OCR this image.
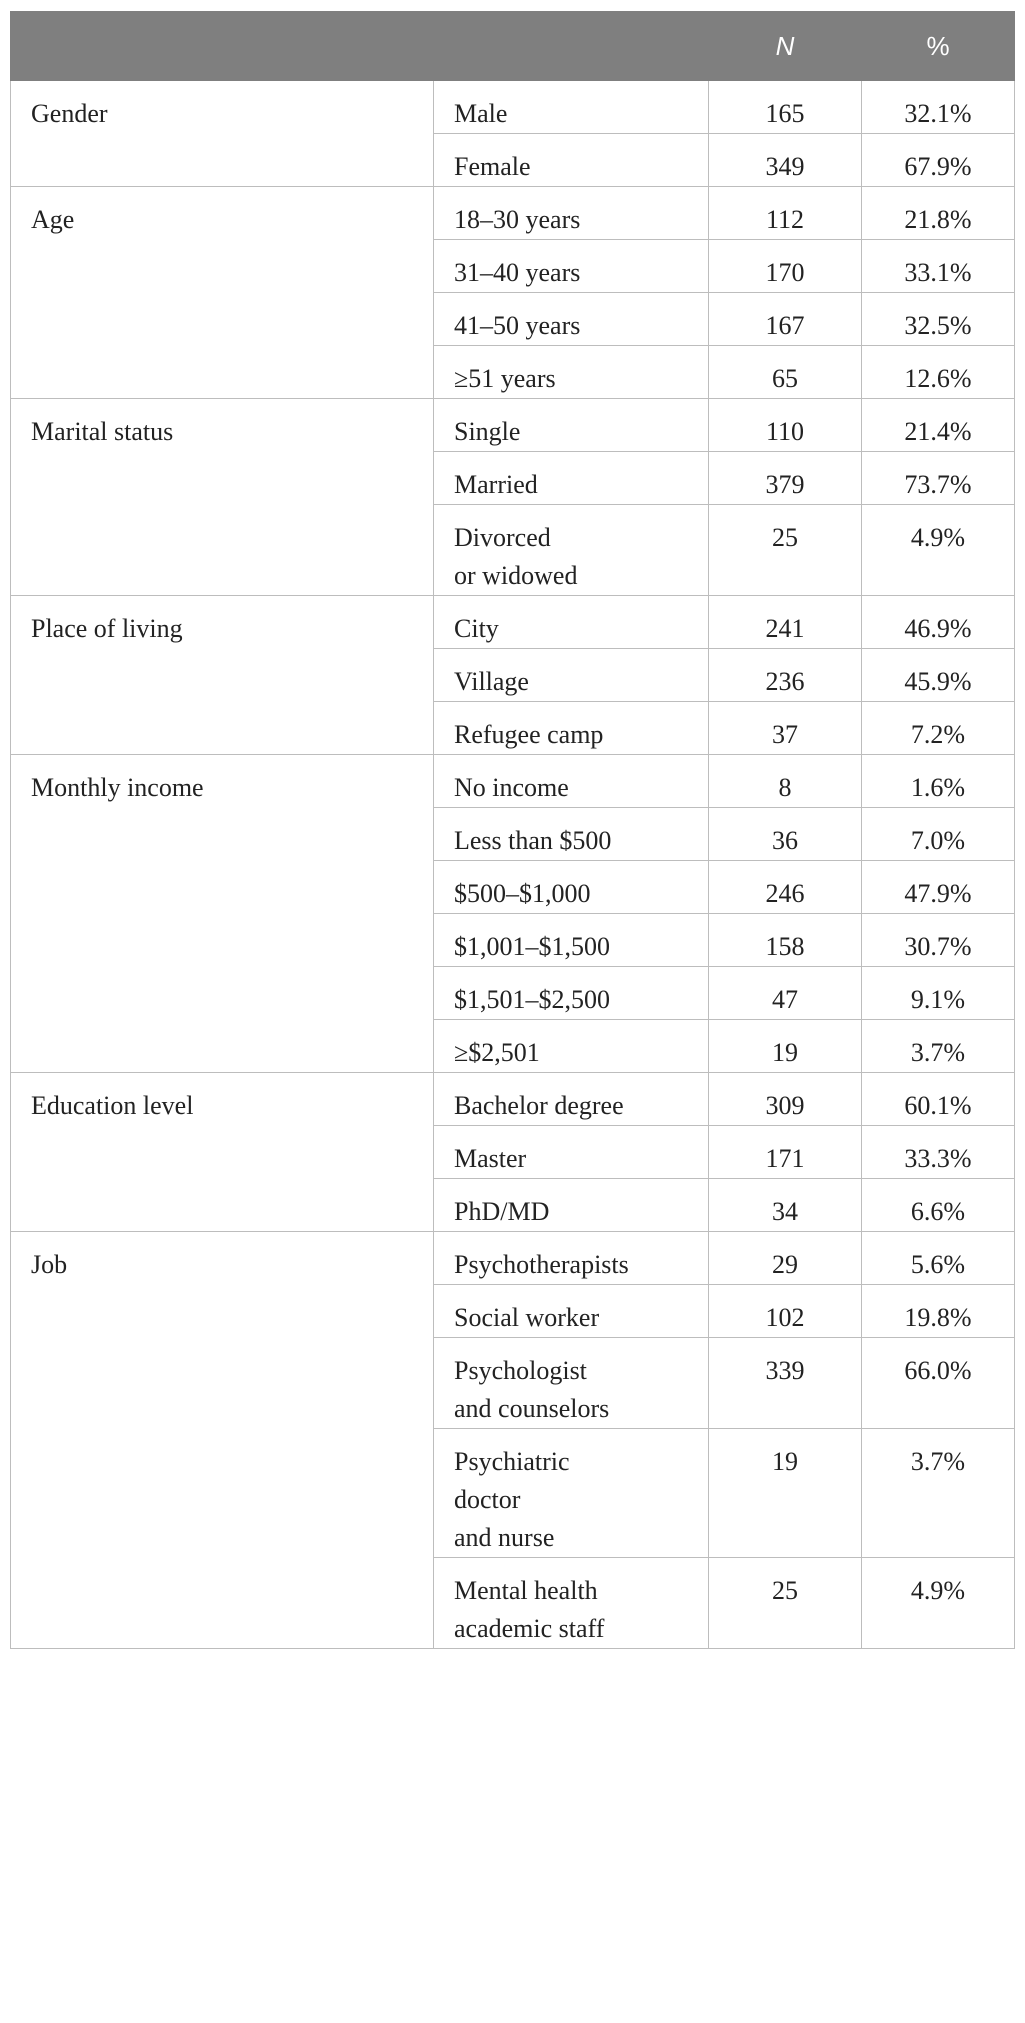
		N	%
Gender	Male	165	32.1%
	Female	349	67.9%
Age	18–30 years	112	21.8%
	31–40 years	170	33.1%
	41–50 years	167	32.5%
	≥51 years	65	12.6%
Marital status	Single	110	21.4%
	Married	379	73.7%
	Divorced
or widowed	25	4.9%
Place of living	City	241	46.9%
	Village	236	45.9%
	Refugee camp	37	7.2%
Monthly income	No income	8	1.6%
	Less than $500	36	7.0%
	$500–$1,000	246	47.9%
	$1,001–$1,500	158	30.7%
	$1,501–$2,500	47	9.1%
	≥$2,501	19	3.7%
Education level	Bachelor degree	309	60.1%
	Master	171	33.3%
	PhD/MD	34	6.6%
Job	Psychotherapists	29	5.6%
	Social worker	102	19.8%
	Psychologist
and counselors	339	66.0%
	Psychiatric
doctor
and nurse	19	3.7%
	Mental health
academic staff	25	4.9%
